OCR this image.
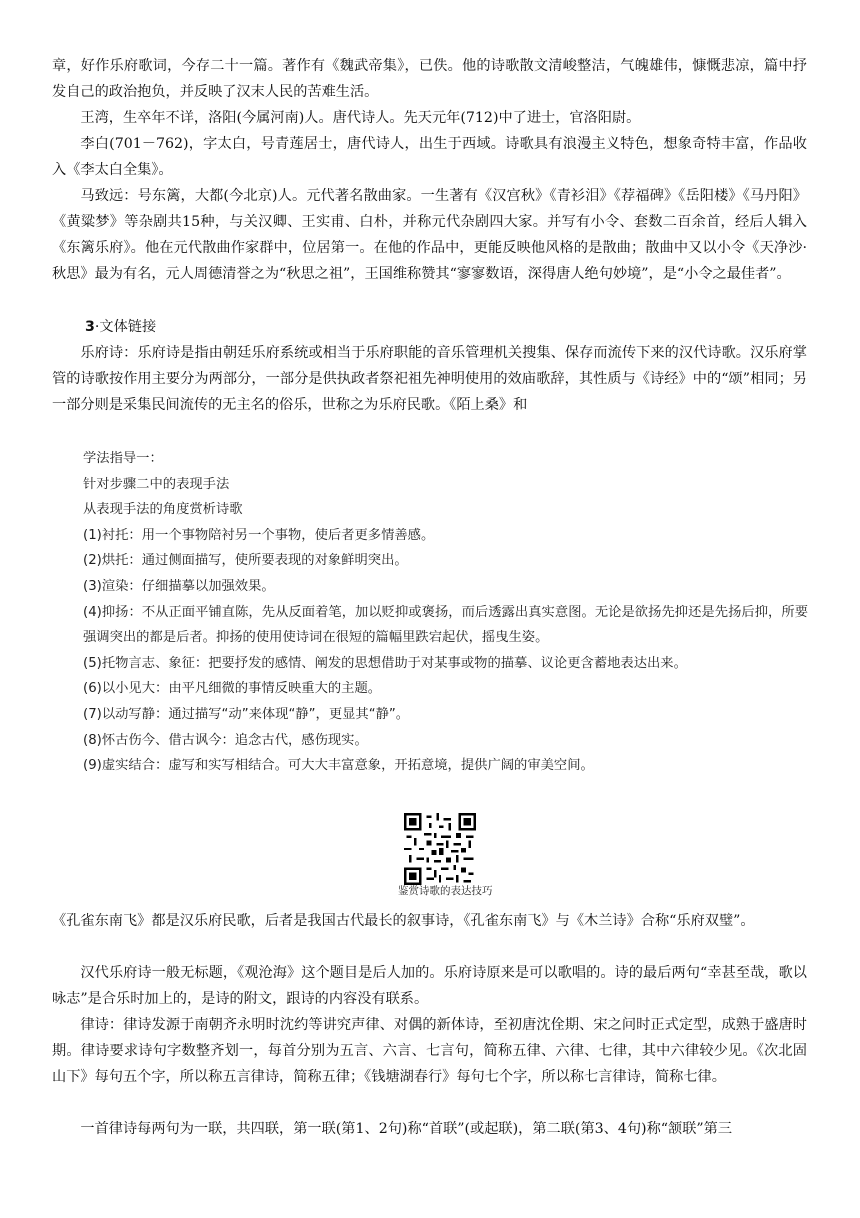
章，好作乐府歌词，今存二十一篇。著作有《魏武帝集》，已佚。他的诗歌散文清峻整洁，气魄雄伟，慷慨悲凉，篇中抒发自己的政治抱负，并反映了汉末人民的苦难生活。

王湾，生卒年不详，洛阳(今属河南)人。唐代诗人。先天元年(712)中了进士，官洛阳尉。

李白(701－762)，字太白，号青莲居士，唐代诗人，出生于西域。诗歌具有浪漫主义特色，想象奇特丰富，作品收入《李太白全集》。

马致远：号东篱，大都(今北京)人。元代著名散曲家。一生著有《汉宫秋》《青衫泪》《荐福碑》《岳阳楼》《马丹阳》《黄粱梦》等杂剧共15种，与关汉卿、王实甫、白朴，并称元代杂剧四大家。并写有小令、套数二百余首，经后人辑入《东篱乐府》。他在元代散曲作家群中，位居第一。在他的作品中，更能反映他风格的是散曲；散曲中又以小令《天净沙·秋思》最为有名，元人周德清誉之为“秋思之祖”，王国维称赞其“寥寥数语，深得唐人绝句妙境”，是“小令之最佳者”。

3·文体链接

乐府诗：乐府诗是指由朝廷乐府系统或相当于乐府职能的音乐管理机关搜集、保存而流传下来的汉代诗歌。汉乐府掌管的诗歌按作用主要分为两部分，一部分是供执政者祭祀祖先神明使用的效庙歌辞，其性质与《诗经》中的“颂”相同；另一部分则是采集民间流传的无主名的俗乐，世称之为乐府民歌。《陌上桑》和

学法指导一：
针对步骤二中的表现手法
从表现手法的角度赏析诗歌
(1)衬托：用一个事物陪衬另一个事物，使后者更多情善感。
(2)烘托：通过侧面描写，使所要表现的对象鲜明突出。
(3)渲染：仔细描摹以加强效果。
(4)抑扬：不从正面平铺直陈，先从反面着笔，加以贬抑或褒扬，而后透露出真实意图。无论是欲扬先抑还是先扬后抑，所要强调突出的都是后者。抑扬的使用使诗词在很短的篇幅里跌宕起伏，摇曳生姿。
(5)托物言志、象征：把要抒发的感情、阐发的思想借助于对某事或物的描摹、议论更含蓄地表达出来。
(6)以小见大：由平凡细微的事情反映重大的主题。
(7)以动写静：通过描写“动”来体现“静”，更显其“静”。
(8)怀古伤今、借古讽今：追念古代，感伤现实。
(9)虚实结合：虚写和实写相结合。可大大丰富意象，开拓意境，提供广阔的审美空间。
鉴赏诗歌的表达技巧

《孔雀东南飞》都是汉乐府民歌，后者是我国古代最长的叙事诗，《孔雀东南飞》与《木兰诗》合称“乐府双璧”。

汉代乐府诗一般无标题，《观沧海》这个题目是后人加的。乐府诗原来是可以歌唱的。诗的最后两句“幸甚至哉，歌以咏志”是合乐时加上的，是诗的附文，跟诗的内容没有联系。

律诗：律诗发源于南朝齐永明时沈约等讲究声律、对偶的新体诗，至初唐沈佺期、宋之问时正式定型，成熟于盛唐时期。律诗要求诗句字数整齐划一，每首分别为五言、六言、七言句，简称五律、六律、七律，其中六律较少见。《次北固山下》每句五个字，所以称五言律诗，简称五律；《钱塘湖春行》每句七个字，所以称七言律诗，简称七律。

一首律诗每两句为一联，共四联，第一联(第1、2句)称“首联”(或起联)，第二联(第3、4句)称“颔联”第三
